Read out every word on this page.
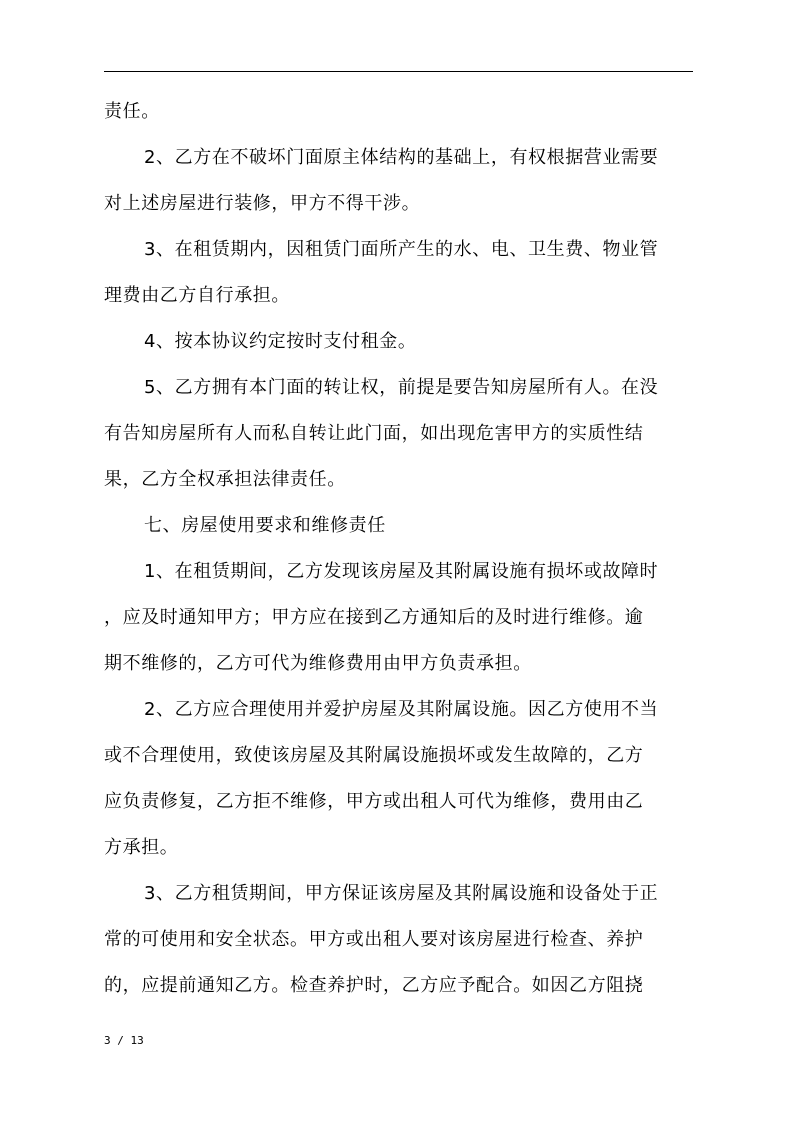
责任。
2、乙方在不破坏门面原主体结构的基础上，有权根据营业需要
对上述房屋进行装修，甲方不得干涉。
3、在租赁期内，因租赁门面所产生的水、电、卫生费、物业管
理费由乙方自行承担。
4、按本协议约定按时支付租金。
5、乙方拥有本门面的转让权，前提是要告知房屋所有人。在没
有告知房屋所有人而私自转让此门面，如出现危害甲方的实质性结
果，乙方全权承担法律责任。
七、房屋使用要求和维修责任
1、在租赁期间，乙方发现该房屋及其附属设施有损坏或故障时
，应及时通知甲方；甲方应在接到乙方通知后的及时进行维修。逾
期不维修的，乙方可代为维修费用由甲方负责承担。
2、乙方应合理使用并爱护房屋及其附属设施。因乙方使用不当
或不合理使用，致使该房屋及其附属设施损坏或发生故障的，乙方
应负责修复，乙方拒不维修，甲方或出租人可代为维修，费用由乙
方承担。
3、乙方租赁期间，甲方保证该房屋及其附属设施和设备处于正
常的可使用和安全状态。甲方或出租人要对该房屋进行检查、养护
的，应提前通知乙方。检查养护时，乙方应予配合。如因乙方阻挠
3 / 13
